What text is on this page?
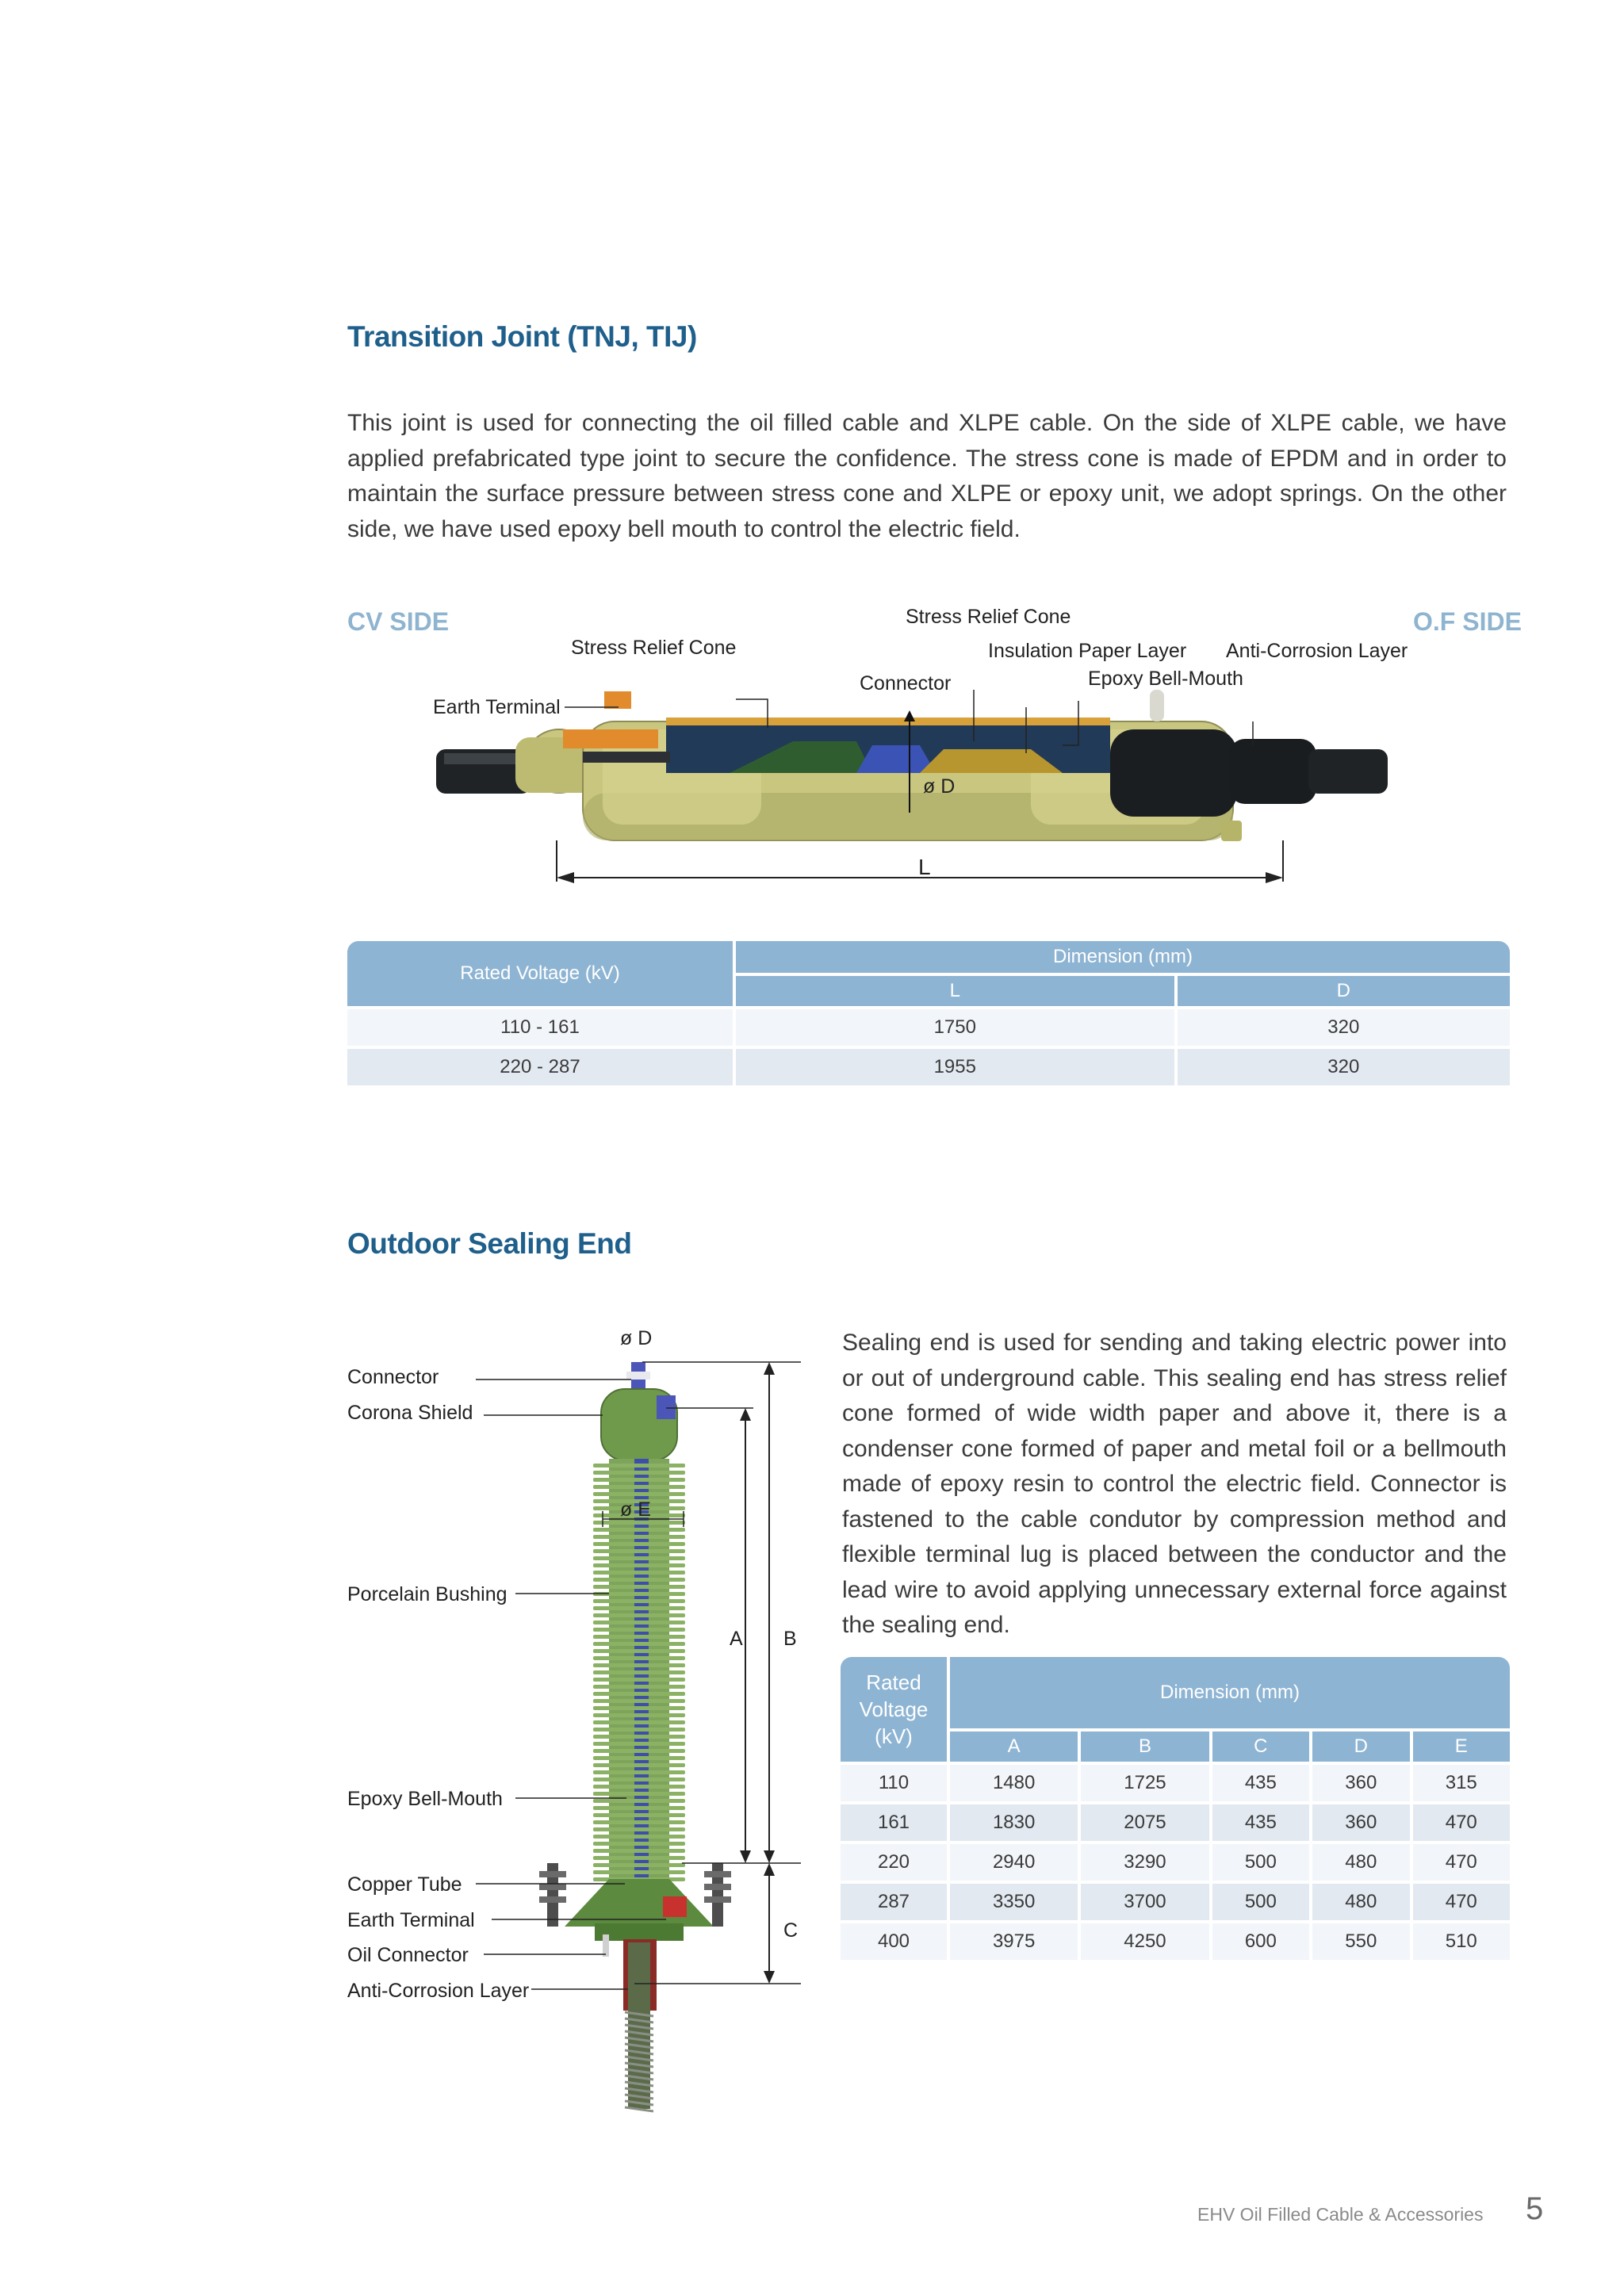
Transition Joint (TNJ, TIJ)
This joint is used for connecting the oil filled cable and XLPE cable. On the side of XLPE cable, we have applied prefabricated type joint to secure the confidence. The stress cone is made of EPDM and in order to maintain the surface pressure between stress cone and XLPE or epoxy unit, we adopt springs. On the other side, we have used epoxy bell mouth to control the electric field.
CV SIDE	O.F SIDE
Stress Relief Cone
Stress Relief Cone	Insulation Paper Layer Anti-Corrosion Layer
Connector	Epoxy Bell-Mouth
Earth Terminal
ø D
L
Rated Voltage (kV)	Dimension (mm)	
	L	D
110 - 161	1750	320
220 - 287	1955	320
Outdoor Sealing End
Sealing end is used for sending and taking electric power into or out of underground cable. This sealing end has stress relief cone formed of wide width paper and above it, there is a condenser cone formed of paper and metal foil or a bellmouth made of epoxy resin to control the electric field. Connector is fastened to the cable condutor by compression method and flexible terminal lug is placed between the conductor and the lead wire to avoid applying unnecessary external force against the sealing end.
ø D
Connector
Corona Shield
ø E
Porcelain Bushing
A B
Epoxy Bell-Mouth
Copper Tube
Earth Terminal	C
Oil Connector
Anti-Corrosion Layer
Rated Voltage (kV)	Dimension (mm)				
	A	B	C	D	E
110	1480	1725	435	360	315
161	1830	2075	435	360	470
220	2940	3290	500	480	470
287	3350	3700	500	480	470
400	3975	4250	600	550	510
EHV Oil Filled Cable & Accessories 5
